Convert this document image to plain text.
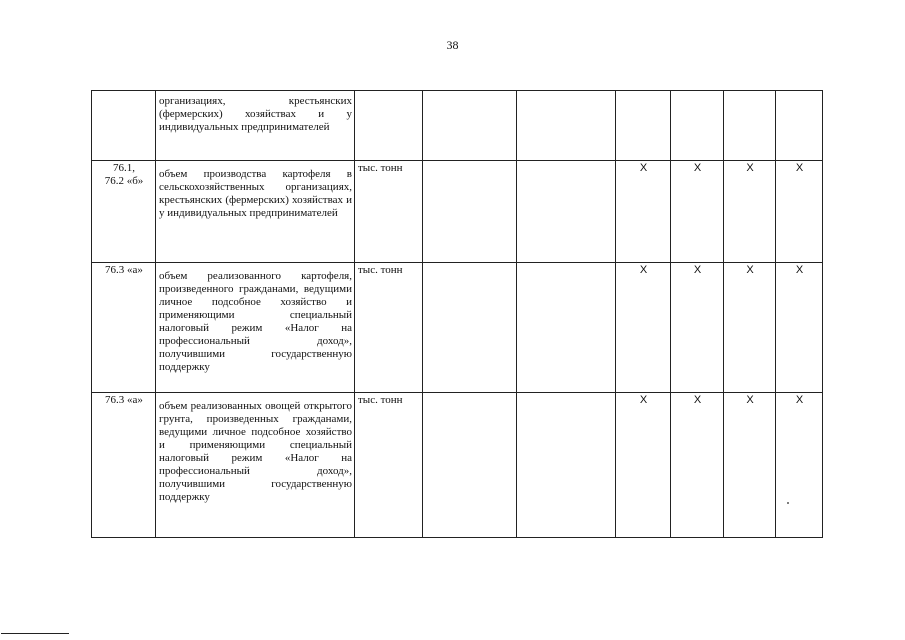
38
	организациях, крестьянских (фермерских) хозяйствах и у индивидуальных предпринимателей							
76.1,
76.2 «б»	объем производства картофеля в сельскохозяйственных организациях, крестьянских (фермерских) хозяйствах и у индивидуальных предпринимателей	тыс. тонн			Х	Х	Х	Х
76.3 «а»	объем реализованного картофеля, произведенного гражданами, ведущими личное подсобное хозяйство и применяющими специальный налоговый режим «Налог на профессиональный доход», получившими государственную поддержку	тыс. тонн			Х	Х	Х	Х
76.3 «а»	объем реализованных овощей открытого грунта, произведенных гражданами, ведущими личное подсобное хозяйство и применяющими специальный налоговый режим «Налог на профессиональный доход», получившими государственную поддержку	тыс. тонн			Х	Х	Х	Х
